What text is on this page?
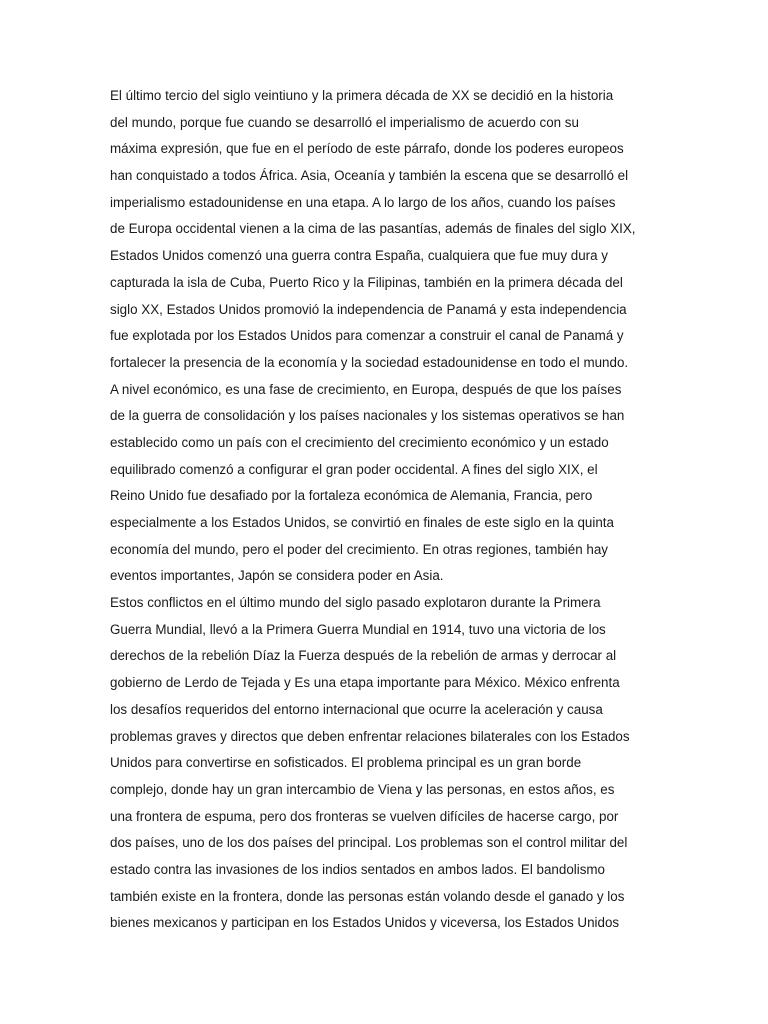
El último tercio del siglo veintiuno y la primera década de XX se decidió en la historia
del mundo, porque fue cuando se desarrolló el imperialismo de acuerdo con su
máxima expresión, que fue en el período de este párrafo, donde los poderes europeos
han conquistado a todos África. Asia, Oceanía y también la escena que se desarrolló el
imperialismo estadounidense en una etapa. A lo largo de los años, cuando los países
de Europa occidental vienen a la cima de las pasantías, además de finales del siglo XIX,
Estados Unidos comenzó una guerra contra España, cualquiera que fue muy dura y
capturada la isla de Cuba, Puerto Rico y la Filipinas, también en la primera década del
siglo XX, Estados Unidos promovió la independencia de Panamá y esta independencia
fue explotada por los Estados Unidos para comenzar a construir el canal de Panamá y
fortalecer la presencia de la economía y la sociedad estadounidense en todo el mundo.
A nivel económico, es una fase de crecimiento, en Europa, después de que los países
de la guerra de consolidación y los países nacionales y los sistemas operativos se han
establecido como un país con el crecimiento del crecimiento económico y un estado
equilibrado comenzó a configurar el gran poder occidental. A fines del siglo XIX, el
Reino Unido fue desafiado por la fortaleza económica de Alemania, Francia, pero
especialmente a los Estados Unidos, se convirtió en finales de este siglo en la quinta
economía del mundo, pero el poder del crecimiento. En otras regiones, también hay
eventos importantes, Japón se considera poder en Asia.
Estos conflictos en el último mundo del siglo pasado explotaron durante la Primera
Guerra Mundial, llevó a la Primera Guerra Mundial en 1914, tuvo una victoria de los
derechos de la rebelión Díaz la Fuerza después de la rebelión de armas y derrocar al
gobierno de Lerdo de Tejada y Es una etapa importante para México. México enfrenta
los desafíos requeridos del entorno internacional que ocurre la aceleración y causa
problemas graves y directos que deben enfrentar relaciones bilaterales con los Estados
Unidos para convertirse en sofisticados. El problema principal es un gran borde
complejo, donde hay un gran intercambio de Viena y las personas, en estos años, es
una frontera de espuma, pero dos fronteras se vuelven difíciles de hacerse cargo, por
dos países, uno de los dos países del principal. Los problemas son el control militar del
estado contra las invasiones de los indios sentados en ambos lados. El bandolismo
también existe en la frontera, donde las personas están volando desde el ganado y los
bienes mexicanos y participan en los Estados Unidos y viceversa, los Estados Unidos
